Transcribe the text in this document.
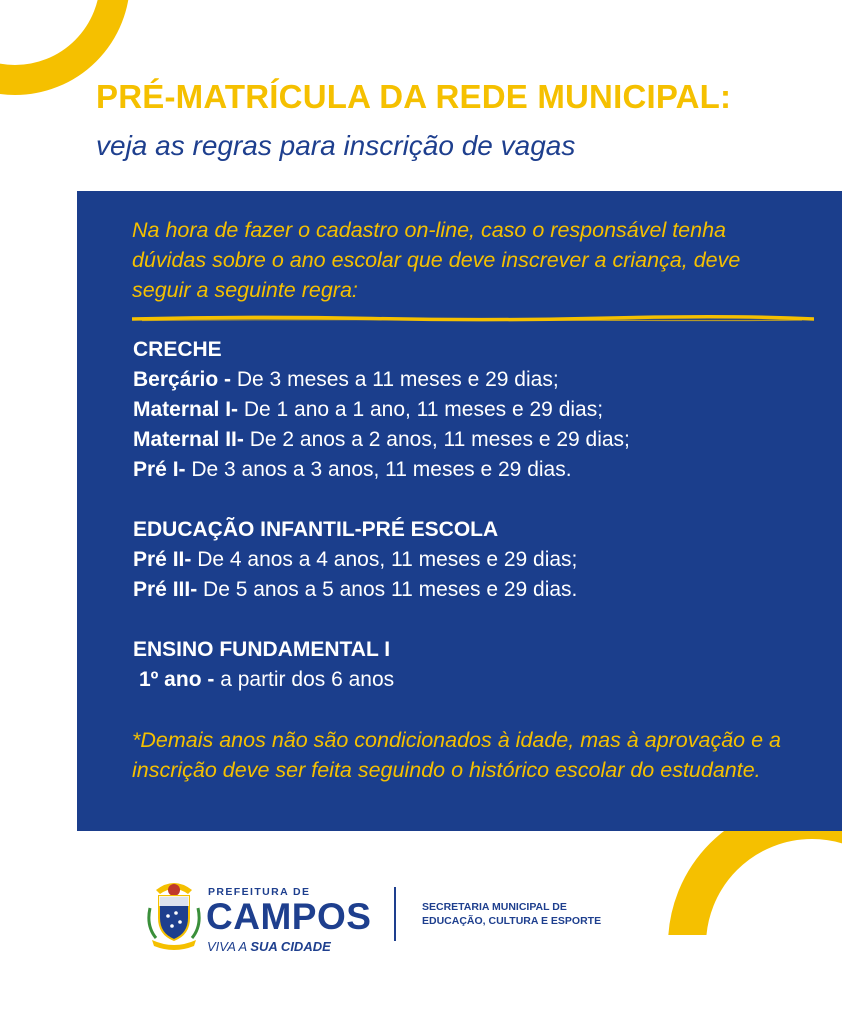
PRÉ-MATRÍCULA DA REDE MUNICIPAL:

veja as regras para inscrição de vagas

Na hora de fazer o cadastro on-line, caso o responsável tenha dúvidas sobre o ano escolar que deve inscrever a criança, deve seguir a seguinte regra:

CRECHE
Berçário - De 3 meses a 11 meses e 29 dias;
Maternal I- De 1 ano a 1 ano, 11 meses e 29 dias;
Maternal II- De 2 anos a 2 anos, 11 meses e 29 dias;
Pré I- De 3 anos a 3 anos, 11 meses e 29 dias.
EDUCAÇÃO INFANTIL-PRÉ ESCOLA
Pré II- De 4 anos a 4 anos, 11 meses e 29 dias;
Pré III- De 5 anos a 5 anos 11 meses e 29 dias.
ENSINO FUNDAMENTAL I
1º ano - a partir dos 6 anos

*Demais anos não são condicionados à idade, mas à aprovação e a inscrição deve ser feita seguindo o histórico escolar do estudante.

PREFEITURA DE
CAMPOS
VIVA A SUA CIDADE
SECRETARIA MUNICIPAL DE
EDUCAÇÃO, CULTURA E ESPORTE
